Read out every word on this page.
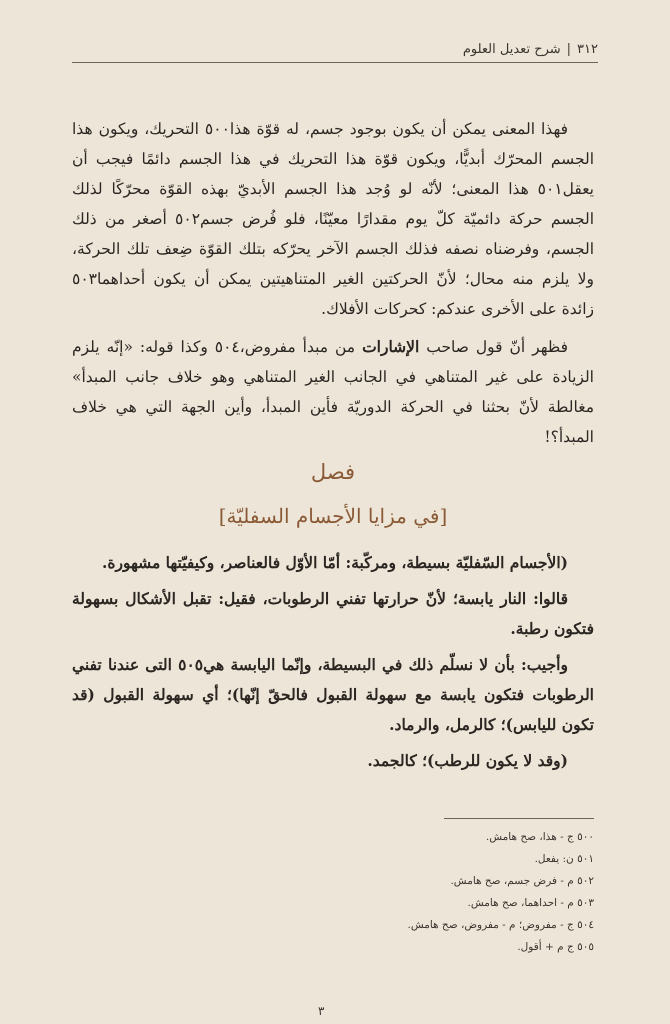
٣١٢|شرح تعديل العلوم

فهذا المعنى يمكن أن يكون بوجود جسم، له قوّة هذا٥٠٠ التحريك، ويكون هذا الجسم المحرّك أبديًّا، ويكون قوّة هذا التحريك في هذا الجسم دائمًا فيجب أن يعقل٥٠١ هذا المعنى؛ لأنّه لو وُجد هذا الجسم الأبديّ بهذه القوّة محرّكًا لذلك الجسم حركة دائميّة كلّ يوم مقدارًا معيّنًا، فلو فُرض جسم٥٠٢ أصغر من ذلك الجسم، وفرضناه نصفه فذلك الجسم الآخر يحرّكه بتلك القوّة ضِعف تلك الحركة، ولا يلزم منه محال؛ لأنّ الحركتين الغير المتناهيتين يمكن أن يكون أحداهما٥٠٣ زائدة على الأخرى عندكم: كحركات الأفلاك.

فظهر أنّ قول صاحب الإشارات من مبدأ مفروض،٥٠٤ وكذا قوله: «إنّه يلزم الزيادة على غير المتناهي في الجانب الغير المتناهي وهو خلاف جانب المبدأ» مغالطة لأنّ بحثنا في الحركة الدوريّة فأين المبدأ، وأين الجهة التي هي خلاف المبدأ؟!

فصل

[في مزايا الأجسام السفليّة]

(الأجسام السّفليّة بسيطة، ومركّبة: أمّا الأوّل فالعناصر، وكيفيّتها مشهورة.

قالوا: النار يابسة؛ لأنّ حرارتها تفني الرطوبات، فقيل: تقبل الأشكال بسهولة فتكون رطبة.

وأجيب: بأن لا نسلّم ذلك في البسيطة، وإنّما اليابسة هي٥٠٥ التى عندنا تفني الرطوبات فتكون يابسة مع سهولة القبول فالحقّ إنّها)؛ أي سهولة القبول (قد تكون لليابس)؛ كالرمل، والرماد.

(وقد لا يكون للرطب)؛ كالجمد.

٥٠٠ ج - هذا، صح هامش.
٥٠١ ن: يفعل.
٥٠٢ م - فرض جسم، صح هامش.
٥٠٣ م - احداهما، صح هامش.
٥٠٤ ج - مفروض؛ م - مفروض، صح هامش.
٥٠٥ ج م + أقول.
٣
